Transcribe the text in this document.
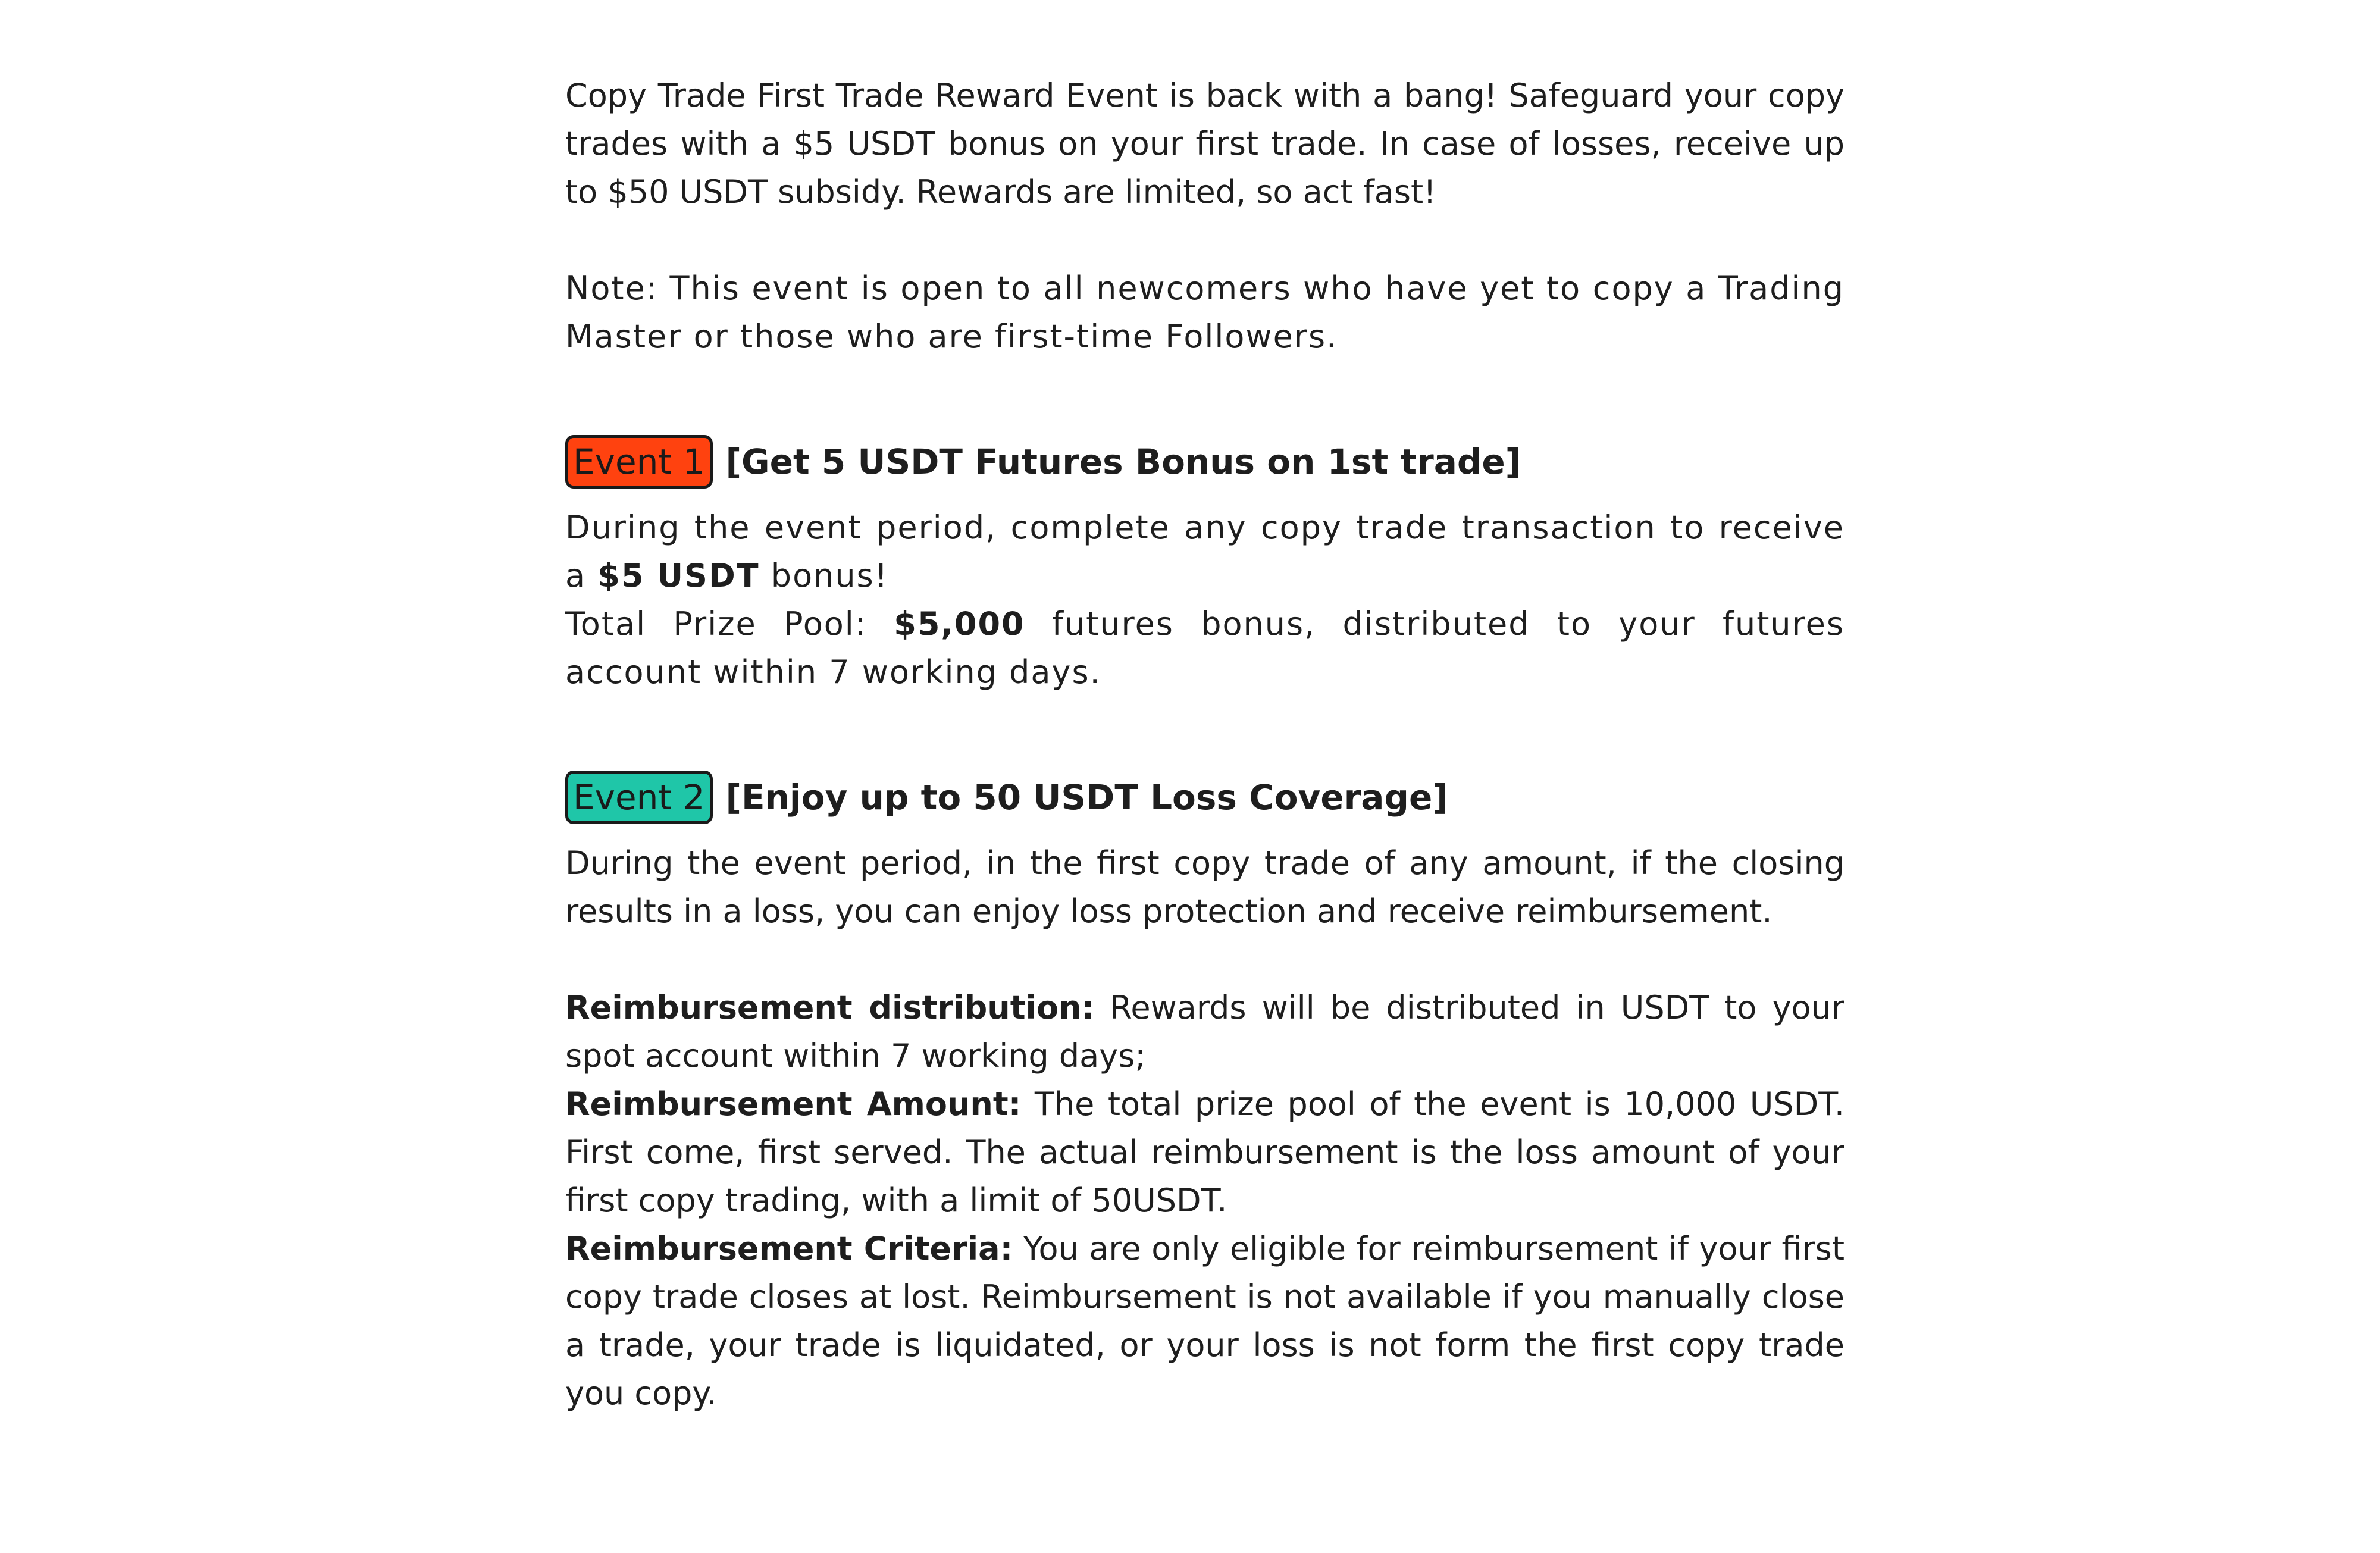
Copy Trade First Trade Reward Event is back with a bang! Safeguard your copy trades with a $5 USDT bonus on your first trade. In case of losses, receive up to $50 USDT subsidy. Rewards are limited, so act fast!

Note: This event is open to all newcomers who have yet to copy a Trading Master or those who are first-time Followers.

Event 1 [Get 5 USDT Futures Bonus on 1st trade]

During the event period, complete any copy trade transaction to receive a $5 USDT bonus!

Total Prize Pool: $5,000 futures bonus, distributed to your futures account within 7 working days.

Event 2 [Enjoy up to 50 USDT Loss Coverage]

During the event period, in the first copy trade of any amount, if the closing results in a loss, you can enjoy loss protection and receive reimbursement.

Reimbursement distribution: Rewards will be distributed in USDT to your spot account within 7 working days;

Reimbursement Amount: The total prize pool of the event is 10,000 USDT. First come, first served. The actual reimbursement is the loss amount of your first copy trading, with a limit of 50USDT.

Reimbursement Criteria: You are only eligible for reimbursement if your first copy trade closes at lost. Reimbursement is not available if you manually close a trade, your trade is liquidated, or your loss is not form the first copy trade you copy.
